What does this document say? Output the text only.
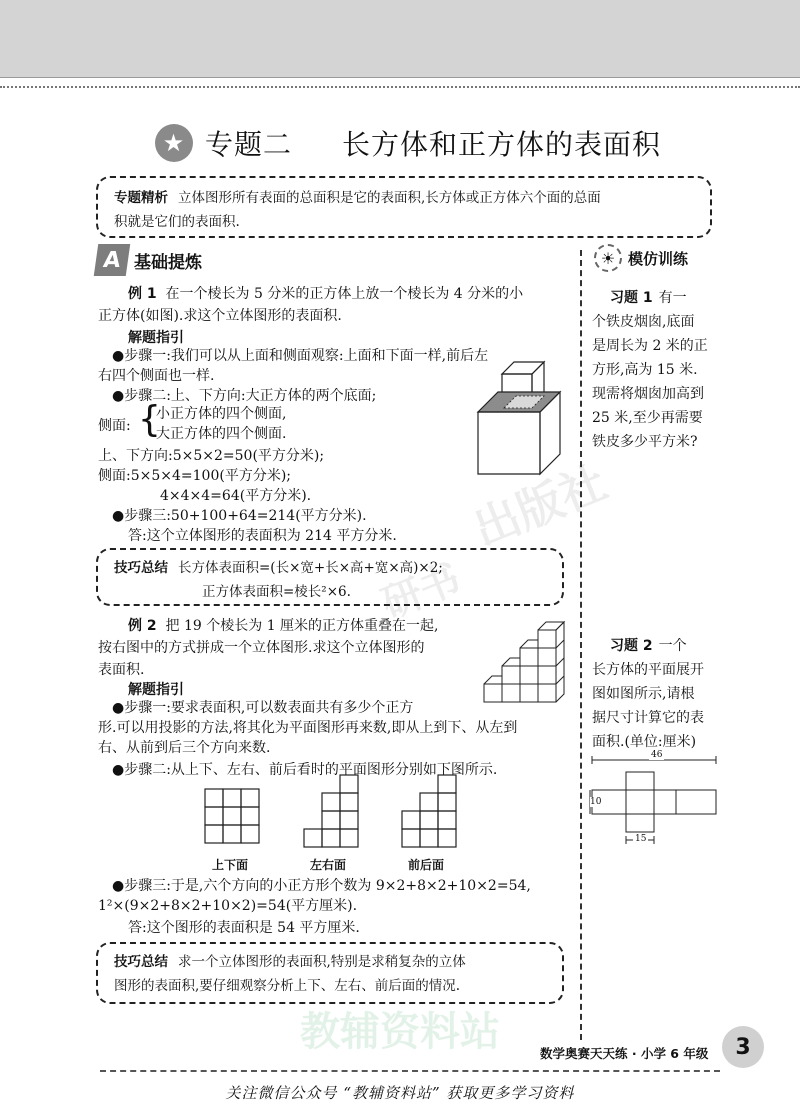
出版社
研书
教辅资料站
★ 专题二 长方体和正方体的表面积
专题精析 立体图形所有表面的总面积是它的表面积,长方体或正方体六个面的总面
积就是它们的表面积.
A 基础提炼
例 1 在一个棱长为 5 分米的正方体上放一个棱长为 4 分米的小
正方体(如图).求这个立体图形的表面积.
解题指引
●步骤一:我们可以从上面和侧面观察:上面和下面一样,前后左
右四个侧面也一样.
●步骤二:上、下方向:大正方体的两个底面;
侧面: {
小正方体的四个侧面,
大正方体的四个侧面.
上、下方向:5×5×2=50(平方分米);
侧面:5×5×4=100(平方分米);
4×4×4=64(平方分米).
●步骤三:50+100+64=214(平方分米).
答:这个立体图形的表面积为 214 平方分米.
技巧总结 长方体表面积=(长×宽+长×高+宽×高)×2;
正方体表面积=棱长²×6.
例 2 把 19 个棱长为 1 厘米的正方体重叠在一起,
按右图中的方式拼成一个立体图形.求这个立体图形的
表面积.
解题指引
●步骤一:要求表面积,可以数表面共有多少个正方
形.可以用投影的方法,将其化为平面图形再来数,即从上到下、从左到
右、从前到后三个方向来数.
●步骤二:从上下、左右、前后看时的平面图形分别如下图所示.
上下面	左右面	前后面
●步骤三:于是,六个方向的小正方形个数为 9×2+8×2+10×2=54,
1²×(9×2+8×2+10×2)=54(平方厘米).
答:这个图形的表面积是 54 平方厘米.
技巧总结 求一个立体图形的表面积,特别是求稍复杂的立体
图形的表面积,要仔细观察分析上下、左右、前后面的情况.
☀ 模仿训练
习题 1 有一
个铁皮烟囱,底面
是周长为 2 米的正
方形,高为 15 米.
现需将烟囱加高到
25 米,至少再需要
铁皮多少平方米?
习题 2 一个
长方体的平面展开
图如图所示,请根
据尺寸计算它的表
面积.(单位:厘米)
46
10
15
数学奥赛天天练 · 小学 6 年级	3
关注微信公众号 “教辅资料站” 获取更多学习资料
